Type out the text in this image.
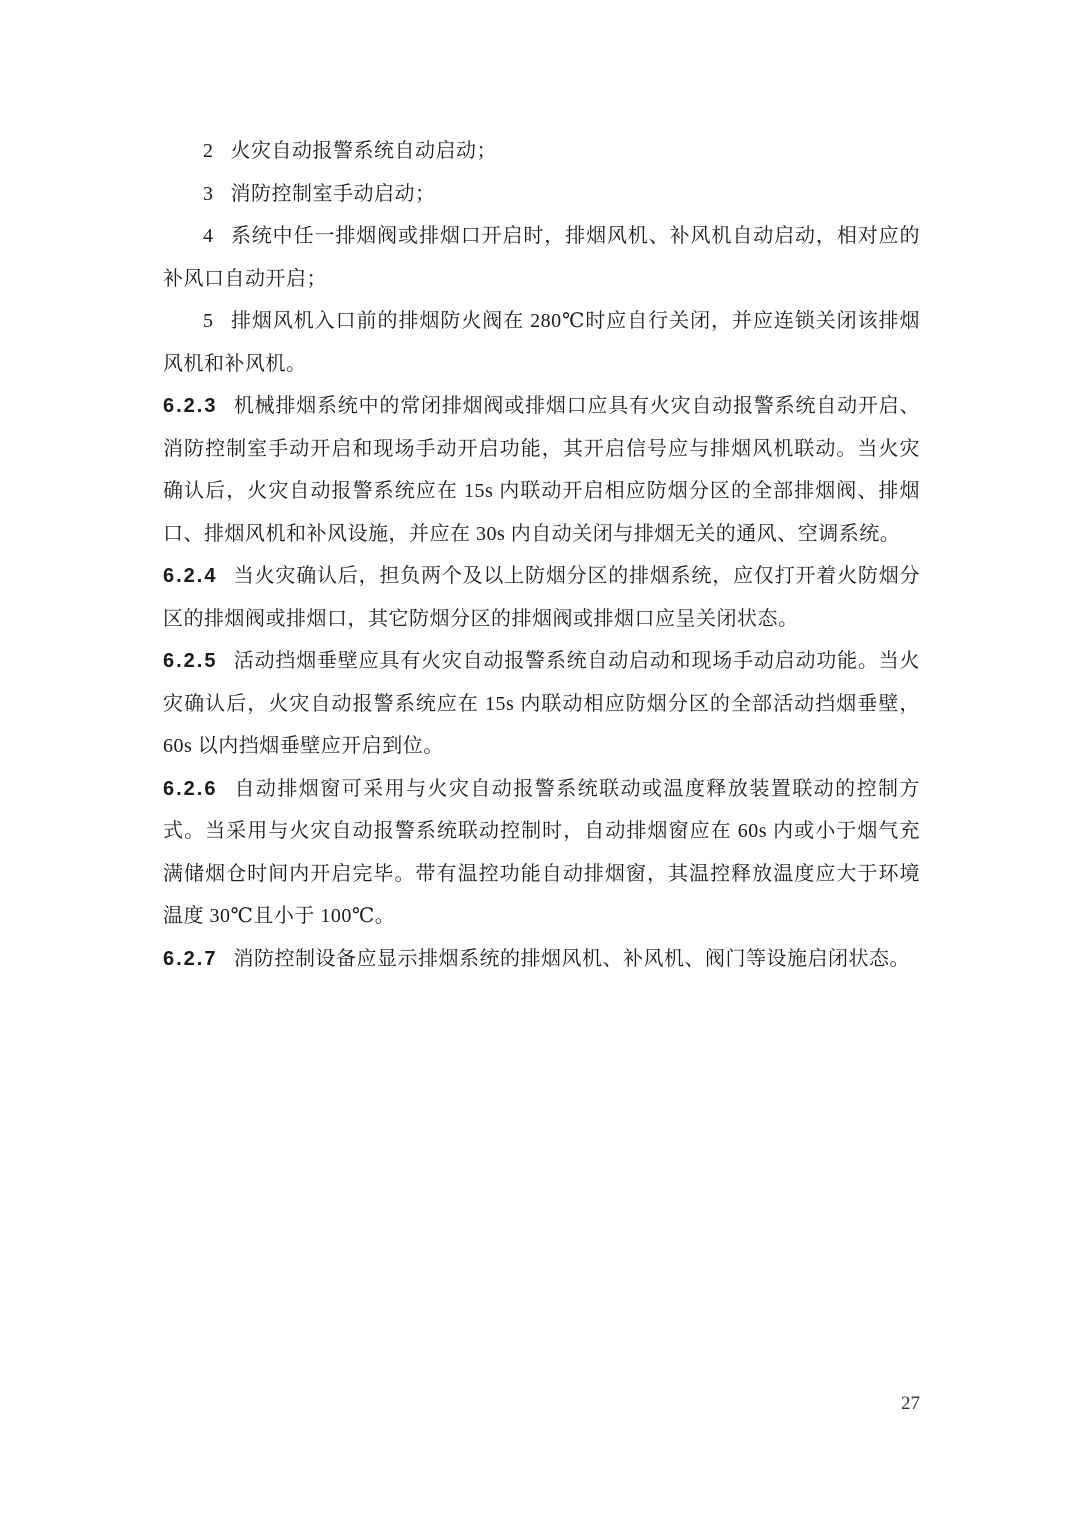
2 火灾自动报警系统自动启动；

3 消防控制室手动启动；

4 系统中任一排烟阀或排烟口开启时，排烟风机、补风机自动启动，相对应的补风口自动开启；

5 排烟风机入口前的排烟防火阀在 280℃时应自行关闭，并应连锁关闭该排烟风机和补风机。

6.2.3 机械排烟系统中的常闭排烟阀或排烟口应具有火灾自动报警系统自动开启、消防控制室手动开启和现场手动开启功能，其开启信号应与排烟风机联动。当火灾确认后，火灾自动报警系统应在 15s 内联动开启相应防烟分区的全部排烟阀、排烟口、排烟风机和补风设施，并应在 30s 内自动关闭与排烟无关的通风、空调系统。

6.2.4 当火灾确认后，担负两个及以上防烟分区的排烟系统，应仅打开着火防烟分区的排烟阀或排烟口，其它防烟分区的排烟阀或排烟口应呈关闭状态。

6.2.5 活动挡烟垂壁应具有火灾自动报警系统自动启动和现场手动启动功能。当火灾确认后，火灾自动报警系统应在 15s 内联动相应防烟分区的全部活动挡烟垂壁，60s 以内挡烟垂壁应开启到位。

6.2.6 自动排烟窗可采用与火灾自动报警系统联动或温度释放装置联动的控制方式。当采用与火灾自动报警系统联动控制时，自动排烟窗应在 60s 内或小于烟气充满储烟仓时间内开启完毕。带有温控功能自动排烟窗，其温控释放温度应大于环境温度 30℃且小于 100℃。

6.2.7 消防控制设备应显示排烟系统的排烟风机、补风机、阀门等设施启闭状态。

27
